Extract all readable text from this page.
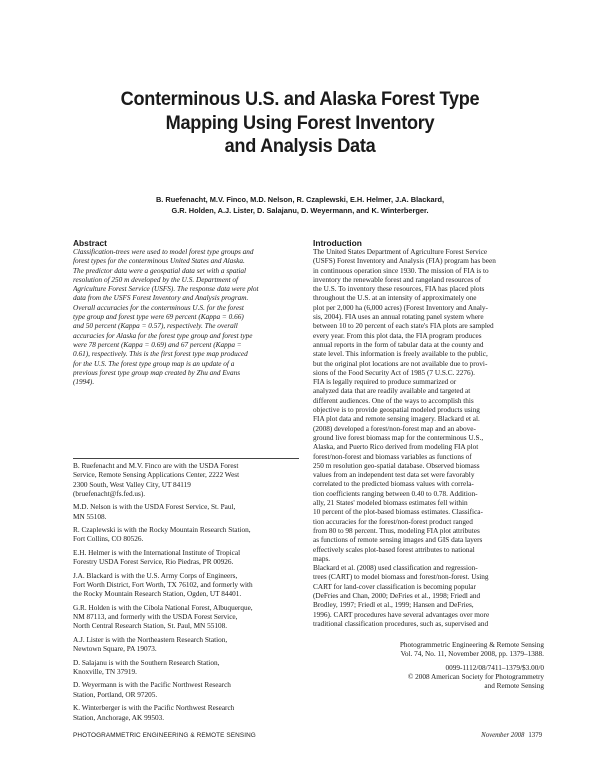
Conterminous U.S. and Alaska Forest Type
Mapping Using Forest Inventory
and Analysis Data
B. Ruefenacht, M.V. Finco, M.D. Nelson, R. Czaplewski, E.H. Helmer, J.A. Blackard,
G.R. Holden, A.J. Lister, D. Salajanu, D. Weyermann, and K. Winterberger.
Abstract
Classification-trees were used to model forest type groups and
forest types for the conterminous United States and Alaska.
The predictor data were a geospatial data set with a spatial
resolution of 250 m developed by the U.S. Department of
Agriculture Forest Service (USFS). The response data were plot
data from the USFS Forest Inventory and Analysis program.
Overall accuracies for the conterminous U.S. for the forest
type group and forest type were 69 percent (Kappa = 0.66)
and 50 percent (Kappa = 0.57), respectively. The overall
accuracies for Alaska for the forest type group and forest type
were 78 percent (Kappa = 0.69) and 67 percent (Kappa =
0.61), respectively. This is the first forest type map produced
for the U.S. The forest type group map is an update of a
previous forest type group map created by Zhu and Evans
(1994).
B. Ruefenacht and M.V. Finco are with the USDA Forest
Service, Remote Sensing Applications Center, 2222 West
2300 South, West Valley City, UT 84119
(bruefenacht@fs.fed.us).
M.D. Nelson is with the USDA Forest Service, St. Paul,
MN 55108.
R. Czaplewski is with the Rocky Mountain Research Station,
Fort Collins, CO 80526.
E.H. Helmer is with the International Institute of Tropical
Forestry USDA Forest Service, Rio Piedras, PR 00926.
J.A. Blackard is with the U.S. Army Corps of Engineers,
Fort Worth District, Fort Worth, TX 76102, and formerly with
the Rocky Mountain Research Station, Ogden, UT 84401.
G.R. Holden is with the Cibola National Forest, Albuquerque,
NM 87113, and formerly with the USDA Forest Service,
North Central Research Station, St. Paul, MN 55108.
A.J. Lister is with the Northeastern Research Station,
Newtown Square, PA 19073.
D. Salajanu is with the Southern Research Station,
Knoxville, TN 37919.
D. Weyermann is with the Pacific Northwest Research
Station, Portland, OR 97205.
K. Winterberger is with the Pacific Northwest Research
Station, Anchorage, AK 99503.
Introduction
The United States Department of Agriculture Forest Service
(USFS) Forest Inventory and Analysis (FIA) program has been
in continuous operation since 1930. The mission of FIA is to
inventory the renewable forest and rangeland resources of
the U.S. To inventory these resources, FIA has placed plots
throughout the U.S. at an intensity of approximately one
plot per 2,000 ha (6,000 acres) (Forest Inventory and Analy-
sis, 2004). FIA uses an annual rotating panel system where
between 10 to 20 percent of each state's FIA plots are sampled
every year. From this plot data, the FIA program produces
annual reports in the form of tabular data at the county and
state level. This information is freely available to the public,
but the original plot locations are not available due to provi-
sions of the Food Security Act of 1985 (7 U.S.C. 2276).
FIA is legally required to produce summarized or
analyzed data that are readily available and targeted at
different audiences. One of the ways to accomplish this
objective is to provide geospatial modeled products using
FIA plot data and remote sensing imagery. Blackard et al.
(2008) developed a forest/non-forest map and an above-
ground live forest biomass map for the conterminous U.S.,
Alaska, and Puerto Rico derived from modeling FIA plot
forest/non-forest and biomass variables as functions of
250 m resolution geo-spatial database. Observed biomass
values from an independent test data set were favorably
correlated to the predicted biomass values with correla-
tion coefficients ranging between 0.40 to 0.78. Addition-
ally, 21 States' modeled biomass estimates fell within
10 percent of the plot-based biomass estimates. Classifica-
tion accuracies for the forest/non-forest product ranged
from 80 to 98 percent. Thus, modeling FIA plot attributes
as functions of remote sensing images and GIS data layers
effectively scales plot-based forest attributes to national
maps.
Blackard et al. (2008) used classification and regression-
trees (CART) to model biomass and forest/non-forest. Using
CART for land-cover classification is becoming popular
(DeFries and Chan, 2000; DeFries et al., 1998; Friedl and
Brodley, 1997; Friedl et al., 1999; Hansen and DeFries,
1996). CART procedures have several advantages over more
traditional classification procedures, such as, supervised and
Photogrammetric Engineering & Remote Sensing
Vol. 74, No. 11, November 2008, pp. 1379–1388.
0099-1112/08/7411–1379/$3.00/0
© 2008 American Society for Photogrammetry
and Remote Sensing
PHOTOGRAMMETRIC ENGINEERING & REMOTE SENSING	November 2008 1379
